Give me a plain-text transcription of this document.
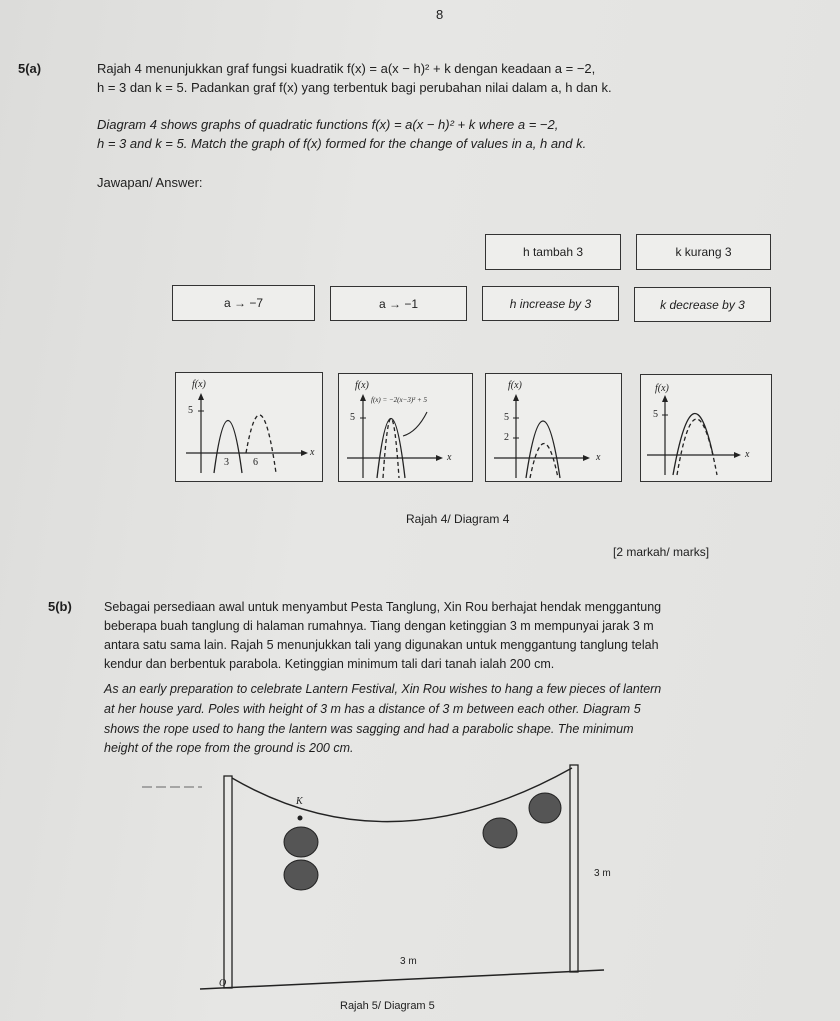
8
5(a)	Rajah 4 menunjukkan graf fungsi kuadratik f(x) = a(x − h)² + k dengan keadaan a = −2,
h = 3 dan k = 5. Padankan graf f(x) yang terbentuk bagi perubahan nilai dalam a, h dan k.
Diagram 4 shows graphs of quadratic functions f(x) = a(x − h)² + k where a = −2,
h = 3 and k = 5. Match the graph of f(x) formed for the change of values in a, h and k.
Jawapan/ Answer:
h tambah 3	k kurang 3
a → −7	a → −1	h increase by 3	k decrease by 3
f(x)
x
5
3 6
f(x)
x
5
f(x) = −2(x−3)² + 5
f(x)
x
5
2
f(x)
x
5
Rajah 4/ Diagram 4
[2 markah/ marks]
5(b)	Sebagai persediaan awal untuk menyambut Pesta Tanglung, Xin Rou berhajat hendak menggantung
beberapa buah tanglung di halaman rumahnya. Tiang dengan ketinggian 3 m mempunyai jarak 3 m
antara satu sama lain. Rajah 5 menunjukkan tali yang digunakan untuk menggantung tanglung telah
kendur dan berbentuk parabola. Ketinggian minimum tali dari tanah ialah 200 cm.
As an early preparation to celebrate Lantern Festival, Xin Rou wishes to hang a few pieces of lantern
at her house yard. Poles with height of 3 m has a distance of 3 m between each other. Diagram 5
shows the rope used to hang the lantern was sagging and had a parabolic shape. The minimum
height of the rope from the ground is 200 cm.
K
O
3 m
3 m
Rajah 5/ Diagram 5
